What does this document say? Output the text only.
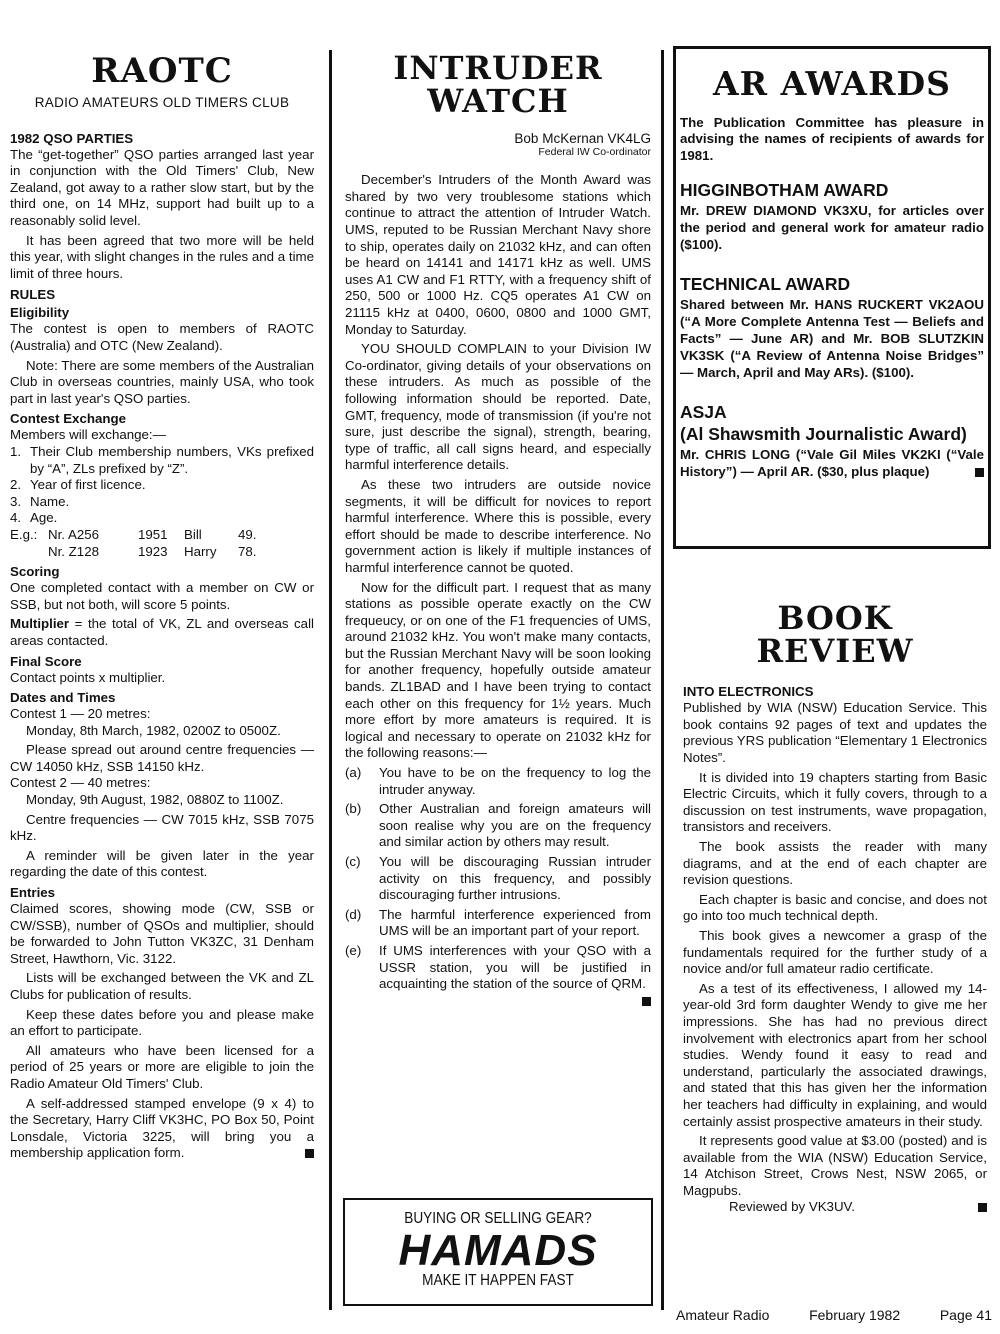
RAOTC
RADIO AMATEURS OLD TIMERS CLUB
1982 QSO PARTIES

The “get-together” QSO parties arranged last year in conjunction with the Old Timers' Club, New Zealand, got away to a rather slow start, but by the third one, on 14 MHz, support had built up to a reasonably solid level.

It has been agreed that two more will be held this year, with slight changes in the rules and a time limit of three hours.

RULES
Eligibility

The contest is open to members of RAOTC (Australia) and OTC (New Zealand).

Note: There are some members of the Australian Club in overseas countries, mainly USA, who took part in last year's QSO parties.

Contest Exchange

Members will exchange:—

1. Their Club membership numbers, VKs prefixed by “A”, ZLs prefixed by “Z”.
2. Year of first licence.
3. Name.
4. Age.
E.g.: Nr. A256	1951	Bill	49.
Nr. Z128	1923	Harry	78.
Scoring

One completed contact with a member on CW or SSB, but not both, will score 5 points.

Multiplier = the total of VK, ZL and overseas call areas contacted.

Final Score

Contact points x multiplier.

Dates and Times

Contest 1 — 20 metres:

Monday, 8th March, 1982, 0200Z to 0500Z.

Please spread out around centre frequencies — CW 14050 kHz, SSB 14150 kHz.

Contest 2 — 40 metres:

Monday, 9th August, 1982, 0880Z to 1100Z.

Centre frequencies — CW 7015 kHz, SSB 7075 kHz.

A reminder will be given later in the year regarding the date of this contest.

Entries

Claimed scores, showing mode (CW, SSB or CW/SSB), number of QSOs and multiplier, should be forwarded to John Tutton VK3ZC, 31 Denham Street, Hawthorn, Vic. 3122.

Lists will be exchanged between the VK and ZL Clubs for publication of results.

Keep these dates before you and please make an effort to participate.

All amateurs who have been licensed for a period of 25 years or more are eligible to join the Radio Amateur Old Timers' Club.

A self-addressed stamped envelope (9 x 4) to the Secretary, Harry Cliff VK3HC, PO Box 50, Point Lonsdale, Victoria 3225, will bring you a membership application form.

INTRUDER
WATCH
Bob McKernan VK4LG
Federal IW Co-ordinator

December's Intruders of the Month Award was shared by two very troublesome stations which continue to attract the attention of Intruder Watch. UMS, reputed to be Russian Merchant Navy shore to ship, operates daily on 21032 kHz, and can often be heard on 14141 and 14171 kHz as well. UMS uses A1 CW and F1 RTTY, with a frequency shift of 250, 500 or 1000 Hz. CQ5 operates A1 CW on 21115 kHz at 0400, 0600, 0800 and 1000 GMT, Monday to Saturday.

YOU SHOULD COMPLAIN to your Division IW Co-ordinator, giving details of your observations on these intruders. As much as possible of the following information should be reported. Date, GMT, frequency, mode of transmission (if you're not sure, just describe the signal), strength, bearing, type of traffic, all call signs heard, and especially harmful interference details.

As these two intruders are outside novice segments, it will be difficult for novices to report harmful interference. Where this is possible, every effort should be made to describe interference. No government action is likely if multiple instances of harmful interference cannot be quoted.

Now for the difficult part. I request that as many stations as possible operate exactly on the CW frequeucy, or on one of the F1 frequencies of UMS, around 21032 kHz. You won't make many contacts, but the Russian Merchant Navy will be soon looking for another frequency, hopefully outside amateur bands. ZL1BAD and I have been trying to contact each other on this frequency for 1½ years. Much more effort by more amateurs is required. It is logical and necessary to operate on 21032 kHz for the following reasons:—

(a)	You have to be on the frequency to log the intruder anyway.
(b)	Other Australian and foreign amateurs will soon realise why you are on the frequency and similar action by others may result.
(c)	You will be discouraging Russian intruder activity on this frequency, and possibly discouraging further intrusions.
(d)	The harmful interference experienced from UMS will be an important part of your report.
(e)	If UMS interferences with your QSO with a USSR station, you will be justified in acquainting the station of the source of QRM.
BUYING OR SELLING GEAR?
HAMADS
MAKE IT HAPPEN FAST
AR AWARDS

The Publication Committee has pleasure in advising the names of recipients of awards for 1981.

HIGGINBOTHAM AWARD

Mr. DREW DIAMOND VK3XU, for articles over the period and general work for amateur radio ($100).

TECHNICAL AWARD

Shared between Mr. HANS RUCKERT VK2AOU (“A More Complete Antenna Test — Beliefs and Facts” — June AR) and Mr. BOB SLUTZKIN VK3SK (“A Review of Antenna Noise Bridges” — March, April and May ARs). ($100).

ASJA
(Al Shawsmith Journalistic Award)

Mr. CHRIS LONG (“Vale Gil Miles VK2KI (“Vale History”) — April AR. ($30, plus plaque)

BOOK
REVIEW
INTO ELECTRONICS

Published by WIA (NSW) Education Service. This book contains 92 pages of text and updates the previous YRS publication “Elementary 1 Electronics Notes”.

It is divided into 19 chapters starting from Basic Electric Circuits, which it fully covers, through to a discussion on test instruments, wave propagation, transistors and receivers.

The book assists the reader with many diagrams, and at the end of each chapter are revision questions.

Each chapter is basic and concise, and does not go into too much technical depth.

This book gives a newcomer a grasp of the fundamentals required for the further study of a novice and/or full amateur radio certificate.

As a test of its effectiveness, I allowed my 14-year-old 3rd form daughter Wendy to give me her impressions. She has had no previous direct involvement with electronics apart from her school studies. Wendy found it easy to read and understand, particularly the associated drawings, and stated that this has given her the information her teachers had difficulty in explaining, and would certainly assist prospective amateurs in their study.

It represents good value at $3.00 (posted) and is available from the WIA (NSW) Education Service, 14 Atchison Street, Crows Nest, NSW 2065, or Magpubs.

Reviewed by VK3UV.

Amateur Radio	February 1982	Page 41
